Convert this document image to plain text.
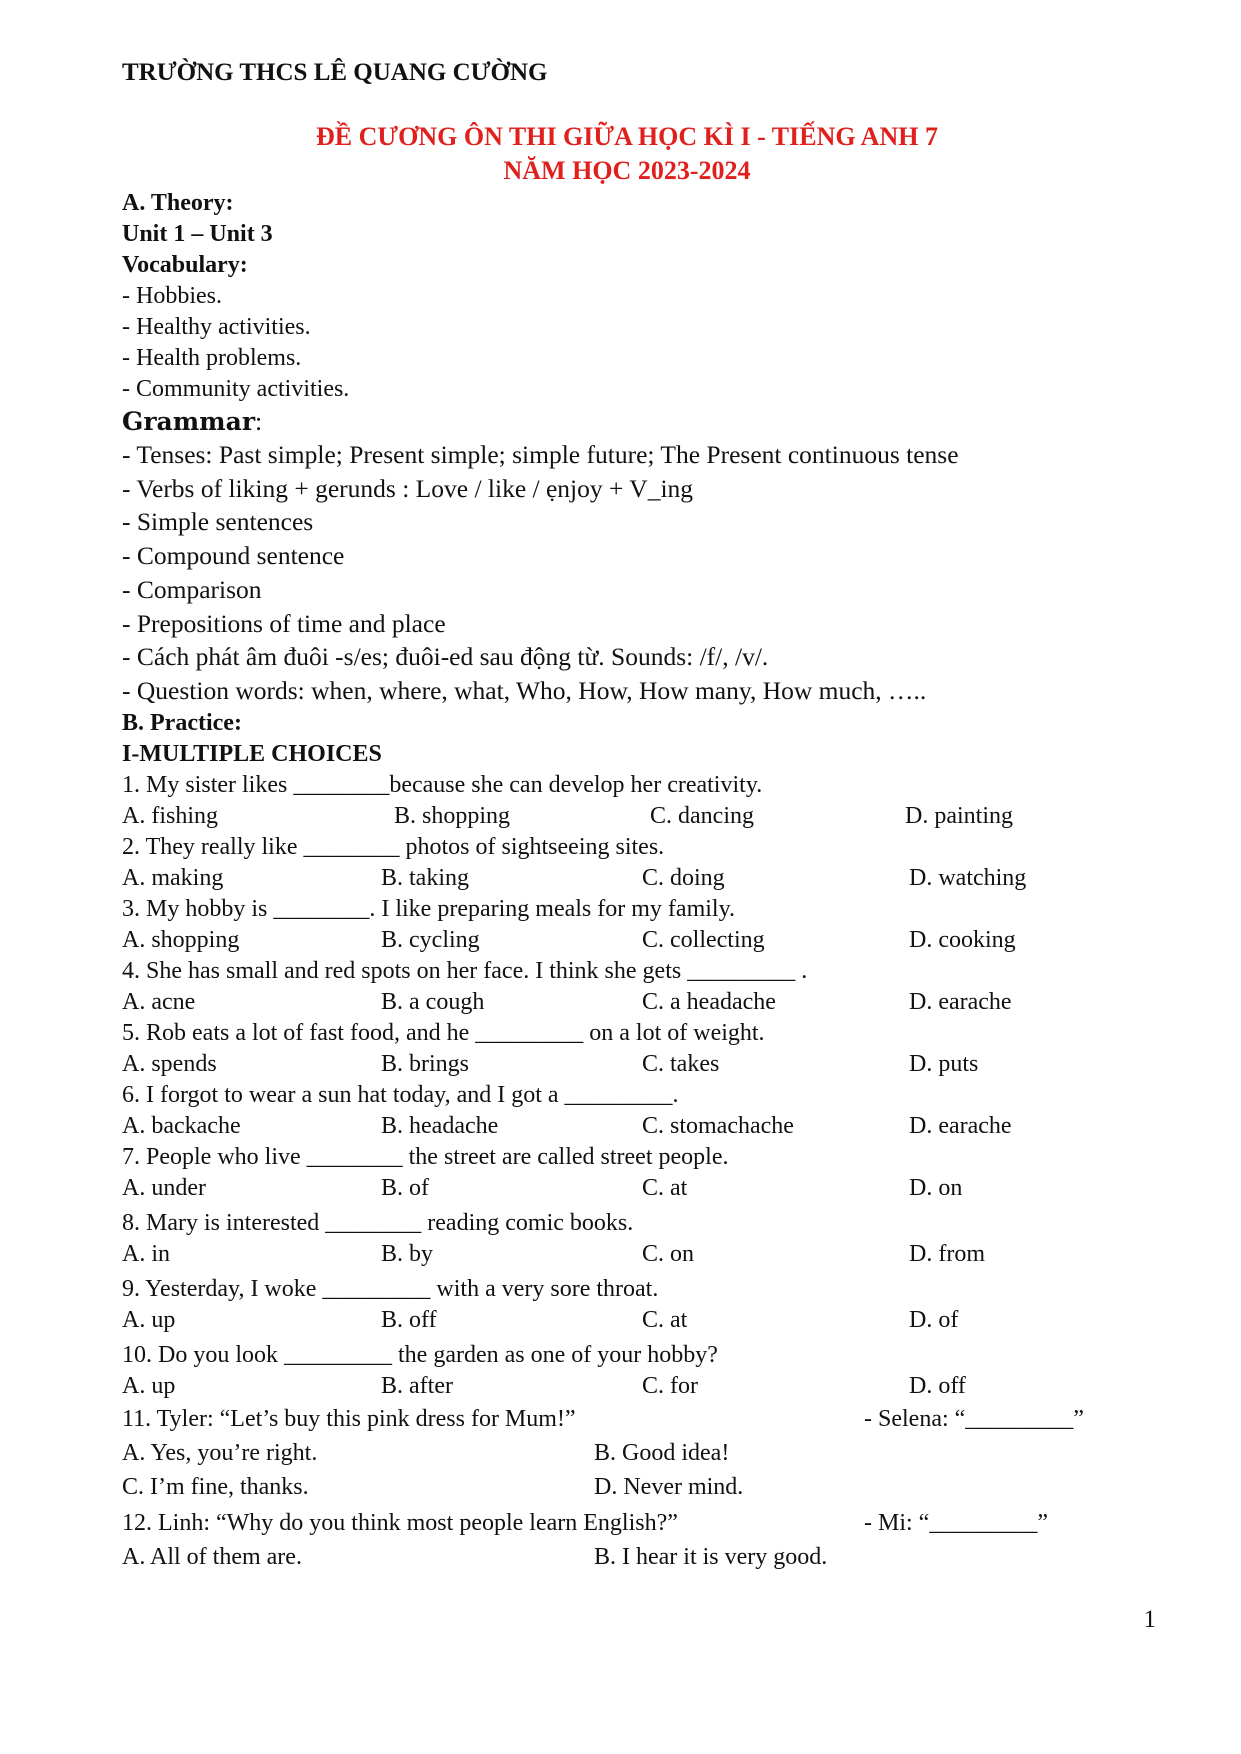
TRƯỜNG THCS LÊ QUANG CƯỜNG

ĐỀ CƯƠNG ÔN THI GIỮA HỌC KÌ I - TIẾNG ANH 7

NĂM HỌC 2023-2024

A. Theory:

Unit 1 – Unit 3

Vocabulary:

- Hobbies.

- Healthy activities.

- Health problems.

- Community activities.

Grammar:

- Tenses: Past simple; Present simple; simple future; The Present continuous tense

- Verbs of liking + gerunds : Love / like / ẹnjoy + V_ing

- Simple sentences

- Compound sentence

- Comparison

- Prepositions of time and place

- Cách phát âm đuôi -s/es; đuôi-ed sau động từ. Sounds: /f/, /v/.

- Question words: when, where, what, Who, How, How many, How much, …..

B. Practice:

I-MULTIPLE CHOICES

1. My sister likes ________because she can develop her creativity.

A. fishing	B. shopping	C. dancing	D. painting

2. They really like ________ photos of sightseeing sites.

A. making	B. taking	C. doing	D. watching

3. My hobby is ________. I like preparing meals for my family.

A. shopping	B. cycling	C. collecting	D. cooking

4. She has small and red spots on her face. I think she gets _________ .

A. acne	B. a cough	C. a headache	D. earache

5. Rob eats a lot of fast food, and he _________ on a lot of weight.

A. spends	B. brings	C. takes	D. puts

6. I forgot to wear a sun hat today, and I got a _________.

A. backache	B. headache	C. stomachache	D. earache

7. People who live ________ the street are called street people.

A. under	B. of	C. at	D. on

8. Mary is interested ________ reading comic books.

A. in	B. by	C. on	D. from

9. Yesterday, I woke _________ with a very sore throat.

A. up	B. off	C. at	D. of

10. Do you look _________ the garden as one of your hobby?

A. up	B. after	C. for	D. off
11. Tyler: “Let’s buy this pink dress for Mum!”	- Selena: “_________”
A. Yes, you’re right.	B. Good idea!
C. I’m fine, thanks.	D. Never mind.
12. Linh: “Why do you think most people learn English?”	- Mi: “_________”
A. All of them are.	B. I hear it is very good.
1
